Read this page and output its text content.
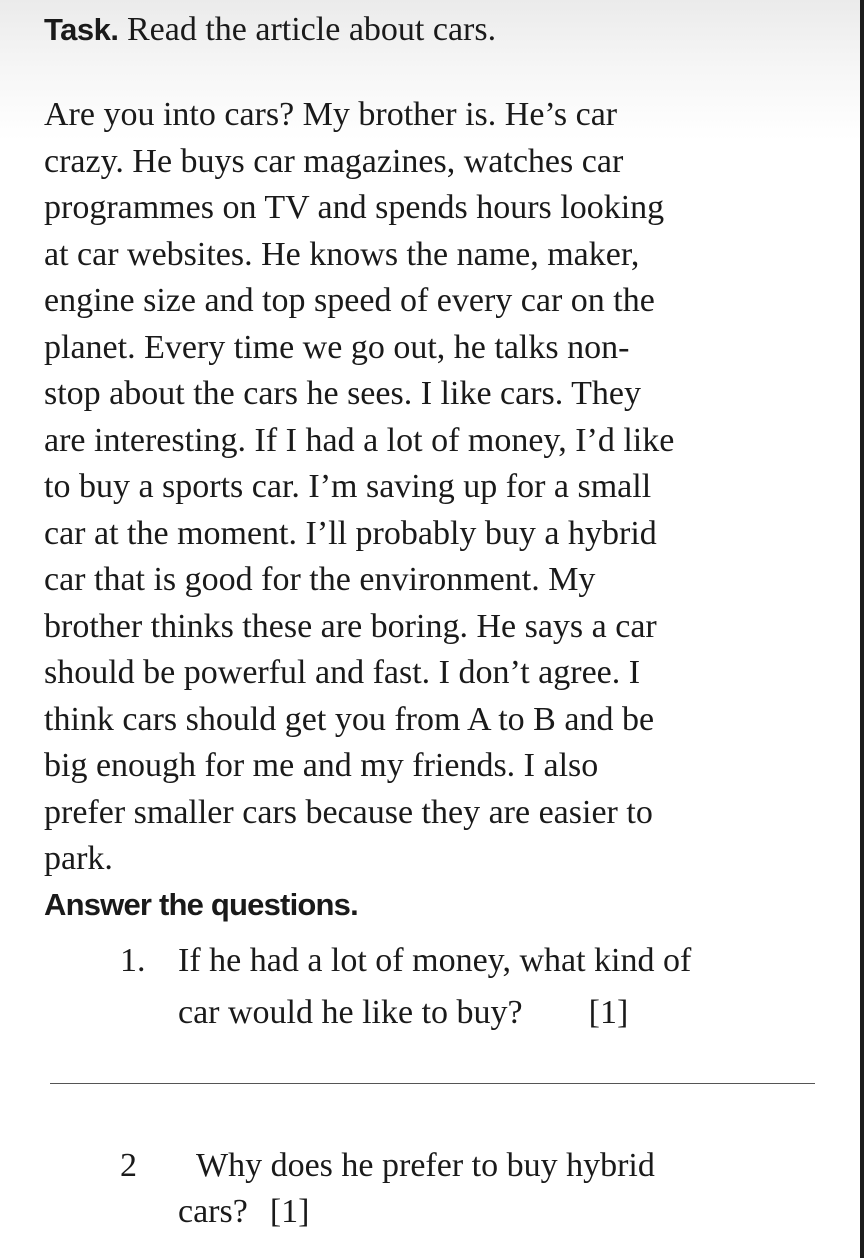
Task. Read the article about cars.
Are you into cars? My brother is. He’s car
crazy. He buys car magazines, watches car
programmes on TV and spends hours looking
at car websites. He knows the name, maker,
engine size and top speed of every car on the
planet. Every time we go out, he talks non-
stop about the cars he sees. I like cars. They
are interesting. If I had a lot of money, I’d like
to buy a sports car. I’m saving up for a small
car at the moment. I’ll probably buy a hybrid
car that is good for the environment. My
brother thinks these are boring. He says a car
should be powerful and fast. I don’t agree. I
think cars should get you from A to B and be
big enough for me and my friends. I also
prefer smaller cars because they are easier to
park.
Answer the questions.
1. If he had a lot of money, what kind of
car would he like to buy? [1]
2 Why does he prefer to buy hybrid
cars? [1]
